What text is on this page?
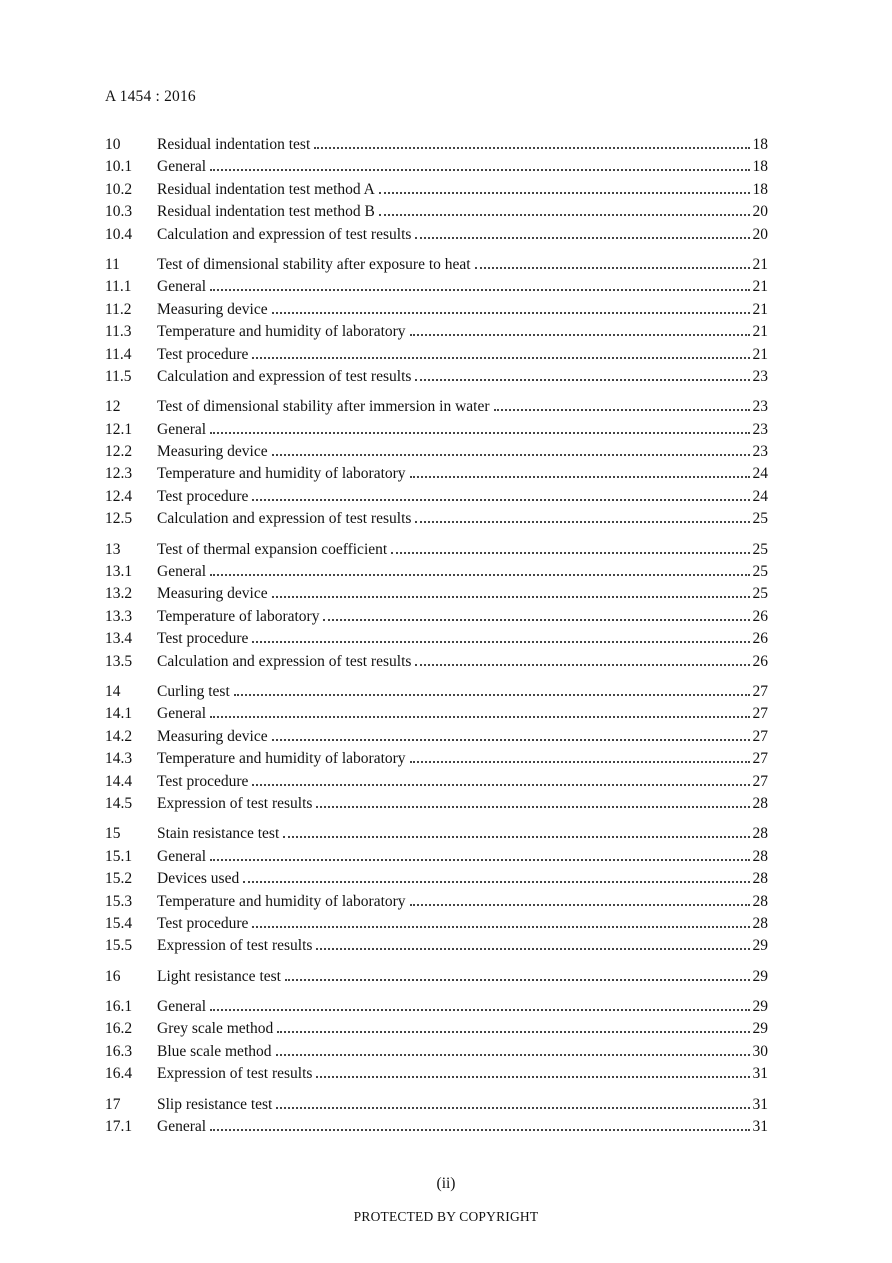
A 1454 : 2016
10	Residual indentation test	18
10.1	General	18
10.2	Residual indentation test method A	18
10.3	Residual indentation test method B	20
10.4	Calculation and expression of test results	20
11	Test of dimensional stability after exposure to heat	21
11.1	General	21
11.2	Measuring device	21
11.3	Temperature and humidity of laboratory	21
11.4	Test procedure	21
11.5	Calculation and expression of test results	23
12	Test of dimensional stability after immersion in water	23
12.1	General	23
12.2	Measuring device	23
12.3	Temperature and humidity of laboratory	24
12.4	Test procedure	24
12.5	Calculation and expression of test results	25
13	Test of thermal expansion coefficient	25
13.1	General	25
13.2	Measuring device	25
13.3	Temperature of laboratory	26
13.4	Test procedure	26
13.5	Calculation and expression of test results	26
14	Curling test	27
14.1	General	27
14.2	Measuring device	27
14.3	Temperature and humidity of laboratory	27
14.4	Test procedure	27
14.5	Expression of test results	28
15	Stain resistance test	28
15.1	General	28
15.2	Devices used	28
15.3	Temperature and humidity of laboratory	28
15.4	Test procedure	28
15.5	Expression of test results	29
16	Light resistance test	29
16.1	General	29
16.2	Grey scale method	29
16.3	Blue scale method	30
16.4	Expression of test results	31
17	Slip resistance test	31
17.1	General	31
(ii)
PROTECTED BY COPYRIGHT
